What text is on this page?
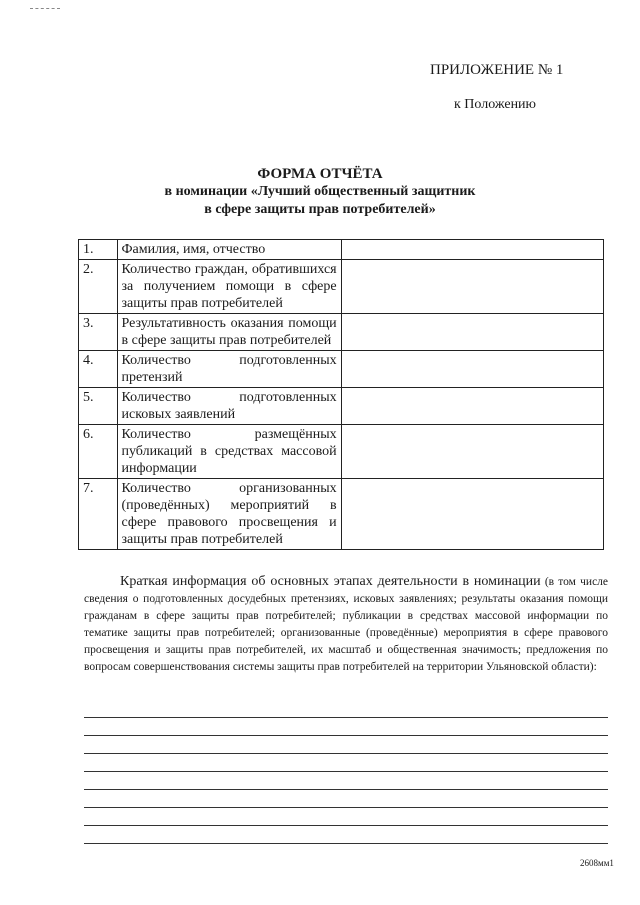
ПРИЛОЖЕНИЕ № 1
к Положению
ФОРМА ОТЧЁТА
в номинации «Лучший общественный защитник
в сфере защиты прав потребителей»
1.	Фамилия, имя, отчество	
2.	Количество граждан, обратившихся за получением помощи в сфере защиты прав потребителей	
3.	Результативность оказания помощи в сфере защиты прав потребителей	
4.	Количество подготовленных претензий	
5.	Количество подготовленных исковых заявлений	
6.	Количество размещённых публикаций в средствах массовой информации	
7.	Количество организованных (проведённых) мероприятий в сфере правового просвещения и защиты прав потребителей	
Краткая информация об основных этапах деятельности в номинации (в том числе сведения о подготовленных досудебных претензиях, исковых заявлениях; результаты оказания помощи гражданам в сфере защиты прав потребителей; публикации в средствах массовой информации по тематике защиты прав потребителей; организованные (проведённые) мероприятия в сфере правового просвещения и защиты прав потребителей, их масштаб и общественная значимость; предложения по вопросам совершенствования системы защиты прав потребителей на территории Ульяновской области):
2608мм1
